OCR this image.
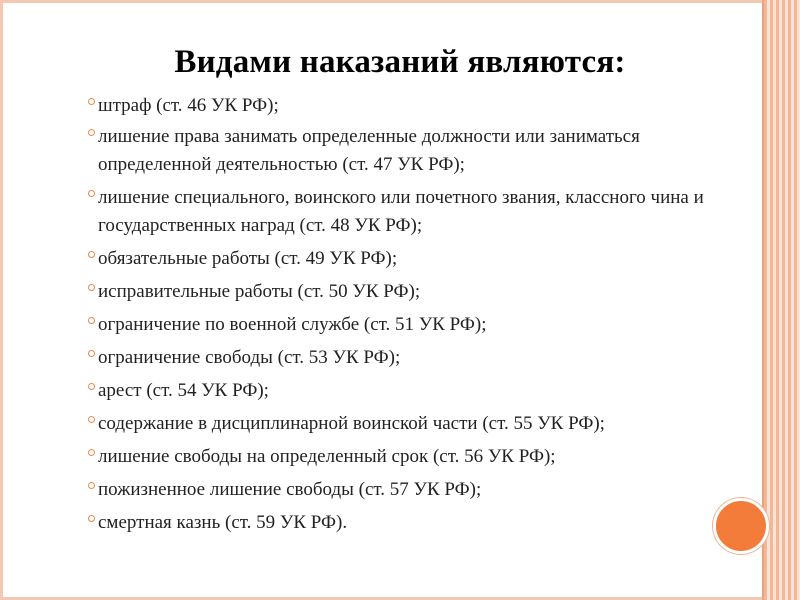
Видами наказаний являются:
штраф (ст. 46 УК РФ);
лишение права занимать определенные должности или заниматься определенной деятельностью (ст. 47 УК РФ);
лишение специального, воинского или почетного звания, классного чина и государственных наград (ст. 48 УК РФ);
обязательные работы (ст. 49 УК РФ);
исправительные работы (ст. 50 УК РФ);
ограничение по военной службе (ст. 51 УК РФ);
ограничение свободы (ст. 53 УК РФ);
арест (ст. 54 УК РФ);
содержание в дисциплинарной воинской части (ст. 55 УК РФ);
лишение свободы на определенный срок (ст. 56 УК РФ);
пожизненное лишение свободы (ст. 57 УК РФ);
смертная казнь (ст. 59 УК РФ).
